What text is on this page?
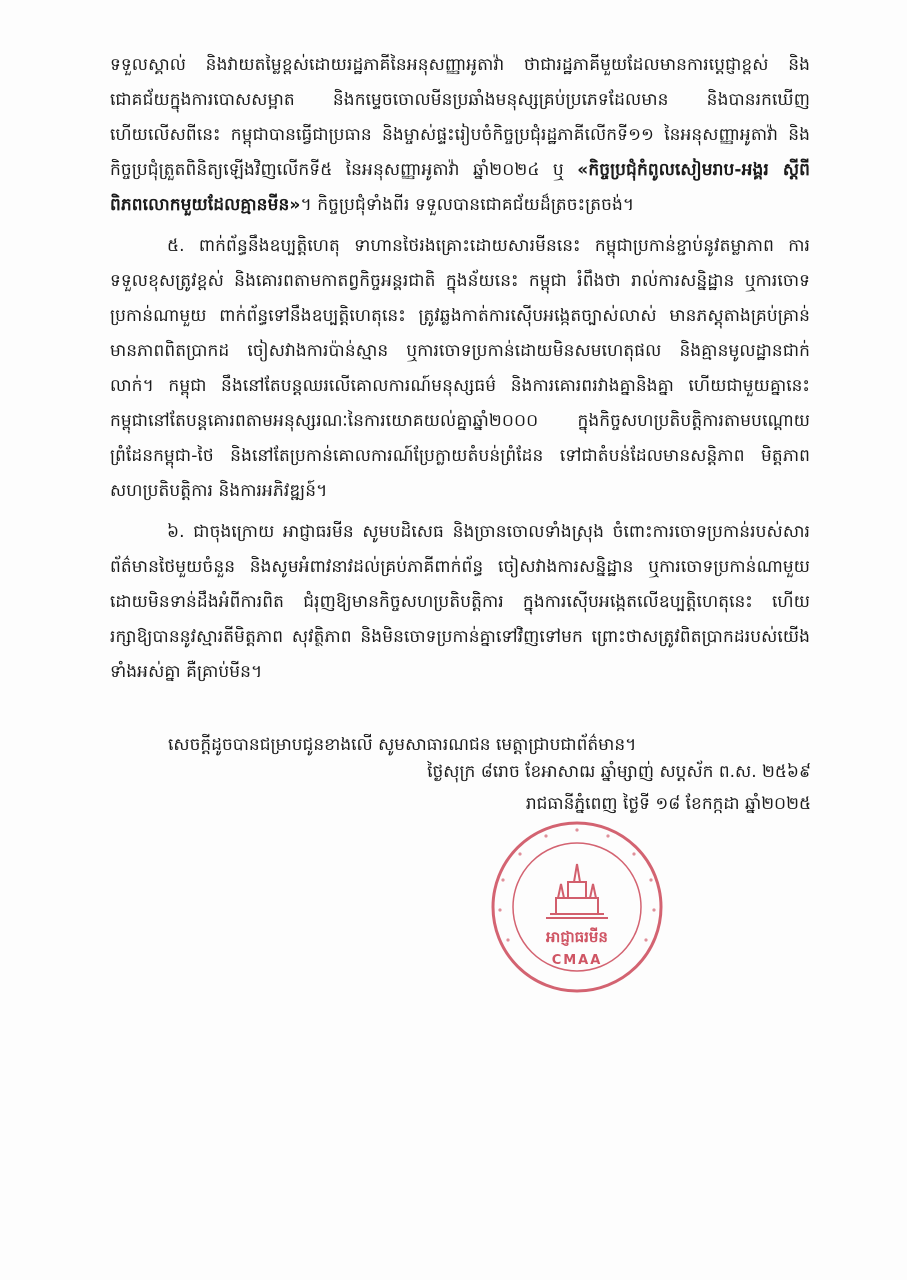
ទទួលស្គាល់ និងវាយតម្លៃខ្ពស់ដោយរដ្ឋភាគីនៃអនុសញ្ញាអូតាវ៉ា ថាជារដ្ឋភាគីមួយដែលមានការប្តេជ្ញាខ្ពស់ និងជោគជ័យក្នុងការបោសសម្អាត និងកម្ទេចចោលមីនប្រឆាំងមនុស្សគ្រប់ប្រភេទដែលមាន និងបានរកឃើញ ហើយលើសពីនេះ កម្ពុជាបានធ្វើជាប្រធាន និងម្ចាស់ផ្ទះរៀបចំកិច្ចប្រជុំរដ្ឋភាគីលើកទី១១ នៃអនុសញ្ញាអូតាវ៉ា និងកិច្ចប្រជុំត្រួតពិនិត្យឡើងវិញលើកទី៥ នៃអនុសញ្ញាអូតាវ៉ា ឆ្នាំ២០២៤ ឬ «កិច្ចប្រជុំកំពូលសៀមរាប-អង្គរ ស្តីពីពិភពលោកមួយដែលគ្មានមីន»។ កិច្ចប្រជុំទាំងពីរ ទទួលបានជោគជ័យដ៏ត្រចះត្រចង់។

៥. ពាក់ព័ន្ធនឹងឧប្បត្តិហេតុ ទាហានថៃរងគ្រោះដោយសារមីននេះ កម្ពុជាប្រកាន់ខ្ជាប់នូវតម្លាភាព ការទទួលខុសត្រូវខ្ពស់ និងគោរពតាមកាតព្វកិច្ចអន្តរជាតិ ក្នុងន័យនេះ កម្ពុជា រំពឹងថា រាល់ការសន្និដ្ឋាន ឬការចោទប្រកាន់ណាមួយ ពាក់ព័ន្ធទៅនឹងឧប្បត្តិហេតុនេះ ត្រូវឆ្លងកាត់ការស៊ើបអង្កេតច្បាស់លាស់ មានភស្តុតាងគ្រប់គ្រាន់ មានភាពពិតប្រាកដ ចៀសវាងការប៉ាន់ស្មាន ឬការចោទប្រកាន់ដោយមិនសមហេតុផល និងគ្មានមូលដ្ឋានជាក់លាក់។ កម្ពុជា នឹងនៅតែបន្តឈរលើគោលការណ៍មនុស្សធម៌ និងការគោរពរវាងគ្នានិងគ្នា ហើយជាមួយគ្នានេះ កម្ពុជានៅតែបន្តគោរពតាមអនុស្សរណៈនៃការយោគយល់គ្នាឆ្នាំ២០០០ ក្នុងកិច្ចសហប្រតិបត្តិការតាមបណ្តោយព្រំដែនកម្ពុជា-ថៃ និងនៅតែប្រកាន់គោលការណ៍ប្រែក្លាយតំបន់ព្រំដែន ទៅជាតំបន់ដែលមានសន្តិភាព មិត្តភាព សហប្រតិបត្តិការ និងការអភិវឌ្ឍន៍។

៦. ជាចុងក្រោយ អាជ្ញាធរមីន សូមបដិសេធ និងច្រានចោលទាំងស្រុង ចំពោះការចោទប្រកាន់របស់សារព័ត៌មានថៃមួយចំនួន និងសូមអំពាវនាវដល់គ្រប់ភាគីពាក់ព័ន្ធ ចៀសវាងការសន្និដ្ឋាន ឬការចោទប្រកាន់ណាមួយ ដោយមិនទាន់ដឹងអំពីការពិត ជំរុញឱ្យមានកិច្ចសហប្រតិបត្តិការ ក្នុងការស៊ើបអង្កេតលើឧប្បត្តិហេតុនេះ ហើយរក្សាឱ្យបាននូវស្មារតីមិត្តភាព សុវត្ថិភាព និងមិនចោទប្រកាន់គ្នាទៅវិញទៅមក ព្រោះថាសត្រូវពិតប្រាកដរបស់យើងទាំងអស់គ្នា គឺគ្រាប់មីន។

សេចក្តីដូចបានជម្រាបជូនខាងលើ សូមសាធារណជន មេត្តាជ្រាបជាព័ត៌មាន។
ថ្ងៃសុក្រ ៨រោច ខែអាសាឍ ឆ្នាំម្សាញ់ សប្តស័ក ព.ស. ២៥៦៩
រាជធានីភ្នំពេញ ថ្ងៃទី ១៨ ខែកក្កដា ឆ្នាំ២០២៥
អាជ្ញាធរមីន
CMAA
